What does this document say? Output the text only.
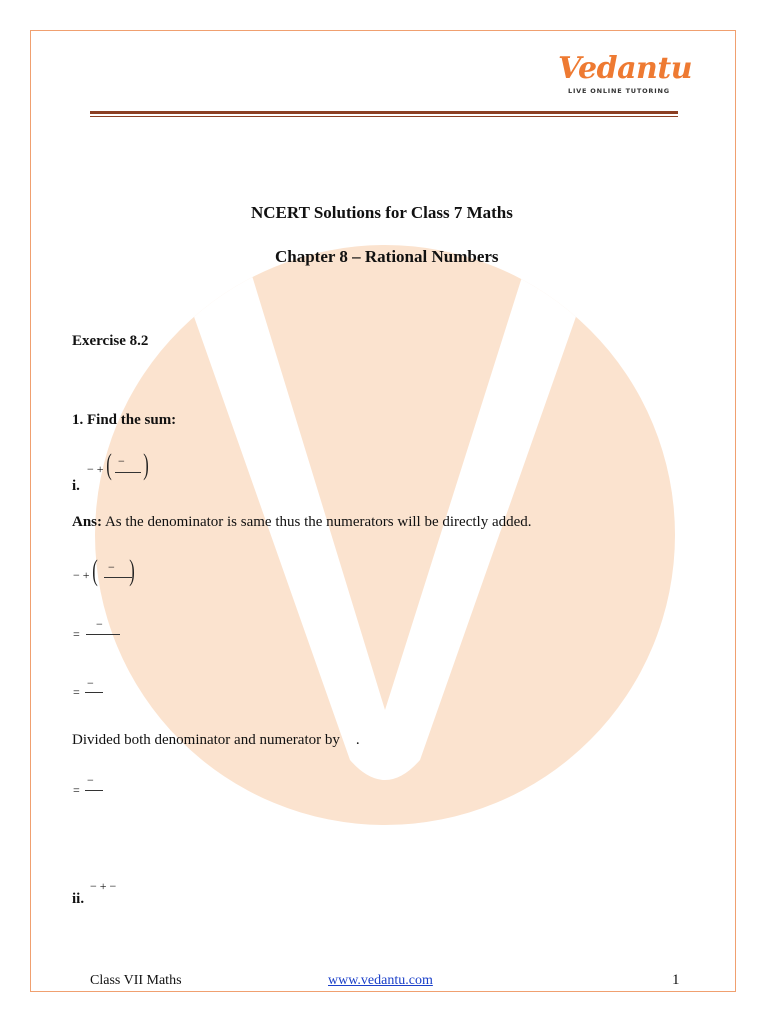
Vedantu
LIVE ONLINE TUTORING
NCERT Solutions for Class 7 Maths
Chapter 8 – Rational Numbers
Exercise 8.2
1. Find the sum:
i.
− + ( − )
Ans: As the denominator is same thus the numerators will be directly added.
− + ( − )
=
−
=
−
Divided both denominator and numerator by .
=
−
ii.
− + −
Class VII Maths	www.vedantu.com	1
